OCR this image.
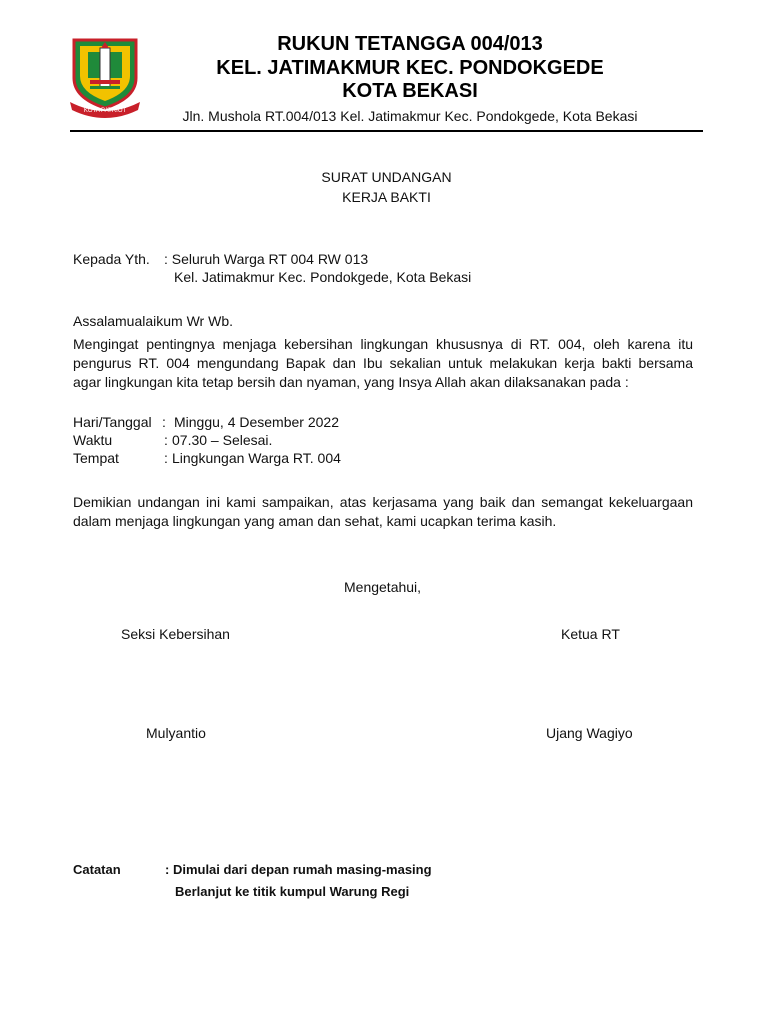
KOTA PATRIOT
RUKUN TETANGGA 004/013
KEL. JATIMAKMUR KEC. PONDOKGEDE
KOTA BEKASI
Jln. Mushola RT.004/013 Kel. Jatimakmur Kec. Pondokgede, Kota Bekasi
SURAT UNDANGAN
KERJA BAKTI
Kepada Yth. : Seluruh Warga RT 004 RW 013
Kel. Jatimakmur Kec. Pondokgede, Kota Bekasi
Assalamualaikum Wr Wb.
Mengingat pentingnya menjaga kebersihan lingkungan khususnya di RT. 004, oleh karena itu
pengurus RT. 004 mengundang Bapak dan Ibu sekalian untuk melakukan kerja bakti bersama
agar lingkungan kita tetap bersih dan nyaman, yang Insya Allah akan dilaksanakan pada :
Hari/Tanggal : Minggu, 4 Desember 2022
Waktu	: 07.30 – Selesai.
Tempat	: Lingkungan Warga RT. 004
Demikian undangan ini kami sampaikan, atas kerjasama yang baik dan semangat kekeluargaan
dalam menjaga lingkungan yang aman dan sehat, kami ucapkan terima kasih.
Mengetahui,
Seksi Kebersihan	Ketua RT
Mulyantio	Ujang Wagiyo
Catatan	: Dimulai dari depan rumah masing-masing
Berlanjut ke titik kumpul Warung Regi
